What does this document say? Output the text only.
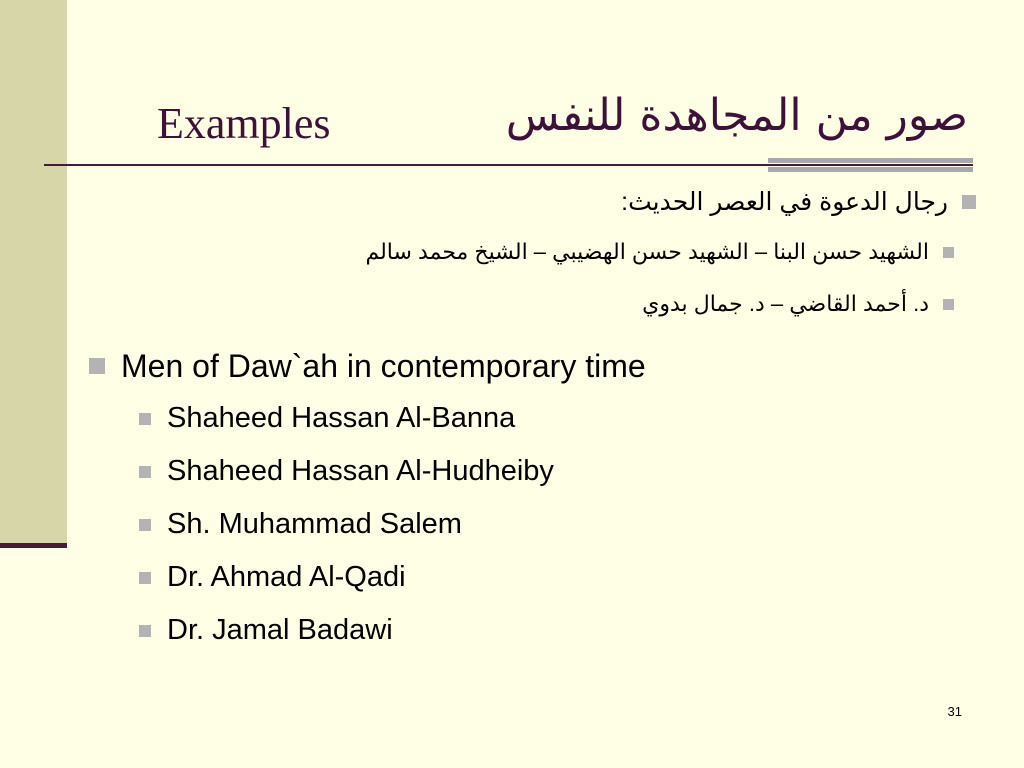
Examples	صور من المجاهدة للنفس
رجال الدعوة في العصر الحديث:
الشهيد حسن البنا – الشهيد حسن الهضيبي – الشيخ محمد سالم
د. أحمد القاضي – د. جمال بدوي
Men of Daw`ah in contemporary time
Shaheed Hassan Al-Banna
Shaheed Hassan Al-Hudheiby
Sh. Muhammad Salem
Dr. Ahmad Al-Qadi
Dr. Jamal Badawi
31
